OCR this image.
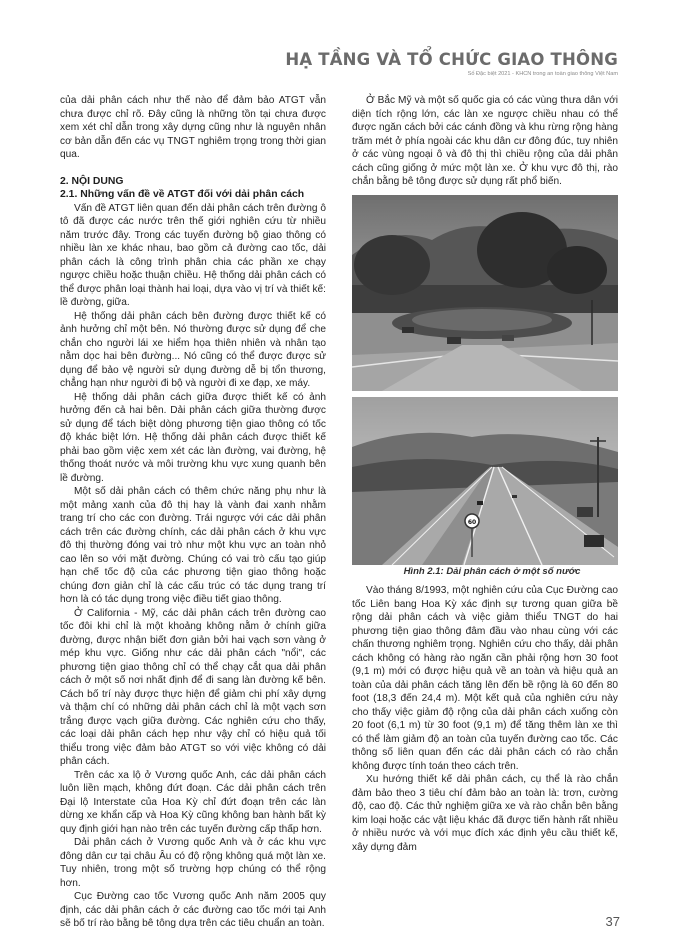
HẠ TẦNG VÀ TỔ CHỨC GIAO THÔNG
Số Đặc biệt 2021 - KHCN trong an toàn giao thông Việt Nam

của dải phân cách như thế nào để đảm bảo ATGT vẫn chưa được chỉ rõ. Đây cũng là những tồn tại chưa được xem xét chỉ dẫn trong xây dựng cũng như là nguyên nhân cơ bản dẫn đến các vụ TNGT nghiêm trọng trong thời gian qua.

2. NỘI DUNG
2.1. Những vấn đề về ATGT đối với dải phân cách

Vấn đề ATGT liên quan đến dải phân cách trên đường ô tô đã được các nước trên thế giới nghiên cứu từ nhiều năm trước đây. Trong các tuyến đường bộ giao thông có nhiều làn xe khác nhau, bao gồm cả đường cao tốc, dải phân cách là công trình phân chia các phần xe chạy ngược chiều hoặc thuận chiều. Hệ thống dải phân cách có thể được phân loại thành hai loại, dựa vào vị trí và thiết kế: lề đường, giữa.

Hệ thống dải phân cách bên đường được thiết kế có ảnh hưởng chỉ một bên. Nó thường được sử dụng để che chắn cho người lái xe hiểm họa thiên nhiên và nhân tạo nằm dọc hai bên đường... Nó cũng có thể được được sử dụng để bảo vệ người sử dụng đường dễ bị tổn thương, chẳng hạn như người đi bộ và người đi xe đạp, xe máy.

Hệ thống dải phân cách giữa được thiết kế có ảnh hưởng đến cả hai bên. Dải phân cách giữa thường được sử dụng để tách biệt dòng phương tiện giao thông có tốc độ khác biệt lớn. Hệ thống dải phân cách được thiết kế phải bao gồm việc xem xét các làn đường, vai đường, hệ thống thoát nước và môi trường khu vực xung quanh bên lề đường.

Một số dải phân cách có thêm chức năng phụ như là một mảng xanh của đô thị hay là vành đai xanh nhằm trang trí cho các con đường. Trái ngược với các dải phân cách trên các đường chính, các dải phân cách ở khu vực đô thị thường đóng vai trò như một khu vực an toàn nhỏ cao lên so với mặt đường. Chúng có vai trò cấu tạo giúp hạn chế tốc độ của các phương tiện giao thông hoặc chúng đơn giản chỉ là các cấu trúc có tác dụng trang trí hơn là có tác dụng trong việc điều tiết giao thông.

Ở California - Mỹ, các dải phân cách trên đường cao tốc đôi khi chỉ là một khoảng không nằm ở chính giữa đường, được nhận biết đơn giản bởi hai vạch sơn vàng ở mép khu vực. Giống như các dải phân cách "nổi", các phương tiện giao thông chỉ có thể chạy cắt qua dải phân cách ở một số nơi nhất định để đi sang làn đường kế bên. Cách bố trí này được thực hiện để giảm chi phí xây dựng và thậm chí có những dải phân cách chỉ là một vạch sơn trắng được vạch giữa đường. Các nghiên cứu cho thấy, các loại dải phân cách hẹp như vậy chỉ có hiệu quả tối thiểu trong việc đảm bảo ATGT so với việc không có dải phân cách.

Trên các xa lộ ở Vương quốc Anh, các dải phân cách luôn liền mạch, không đứt đoạn. Các dải phân cách trên Đại lộ Interstate của Hoa Kỳ chỉ đứt đoạn trên các làn dừng xe khẩn cấp và Hoa Kỳ cũng không ban hành bất kỳ quy định giới hạn nào trên các tuyến đường cấp thấp hơn.

Dải phân cách ở Vương quốc Anh và ở các khu vực đông dân cư tại châu Âu có độ rộng không quá một làn xe. Tuy nhiên, trong một số trường hợp chúng có thể rộng hơn.

Cục Đường cao tốc Vương quốc Anh năm 2005 quy định, các dải phân cách ở các đường cao tốc mới tại Anh sẽ bố trí rào bằng bê tông dựa trên các tiêu chuẩn an toàn.

Ở Bắc Mỹ và một số quốc gia có các vùng thưa dân với diện tích rộng lớn, các làn xe ngược chiều nhau có thể được ngăn cách bởi các cánh đồng và khu rừng rộng hàng trăm mét ở phía ngoài các khu dân cư đông đúc, tuy nhiên ở các vùng ngoại ô và đô thị thì chiều rộng của dải phân cách cũng giống ở mức một làn xe. Ở khu vực đô thị, rào chắn bằng bê tông được sử dụng rất phổ biến.

60

Hình 2.1: Dải phân cách ở một số nước

Vào tháng 8/1993, một nghiên cứu của Cục Đường cao tốc Liên bang Hoa Kỳ xác định sự tương quan giữa bề rộng dải phân cách và việc giảm thiểu TNGT do hai phương tiện giao thông đâm đầu vào nhau cùng với các chấn thương nghiêm trọng. Nghiên cứu cho thấy, dải phân cách không có hàng rào ngăn cần phải rộng hơn 30 foot (9,1 m) mới có được hiệu quả về an toàn và hiệu quả an toàn của dải phân cách tăng lên đến bề rộng là 60 đến 80 foot (18,3 đến 24,4 m). Một kết quả của nghiên cứu này cho thấy việc giảm độ rộng của dải phân cách xuống còn 20 foot (6,1 m) từ 30 foot (9,1 m) để tăng thêm làn xe thì có thể làm giảm độ an toàn của tuyến đường cao tốc. Các thông số liên quan đến các dải phân cách có rào chắn không được tính toán theo cách trên.

Xu hướng thiết kế dải phân cách, cụ thể là rào chắn đảm bảo theo 3 tiêu chí đảm bảo an toàn là: trơn, cường độ, cao độ. Các thử nghiệm giữa xe và rào chắn bên bằng kim loại hoặc các vật liệu khác đã được tiến hành rất nhiều ở nhiều nước và với mục đích xác định yêu cầu thiết kế, xây dựng đảm

37
